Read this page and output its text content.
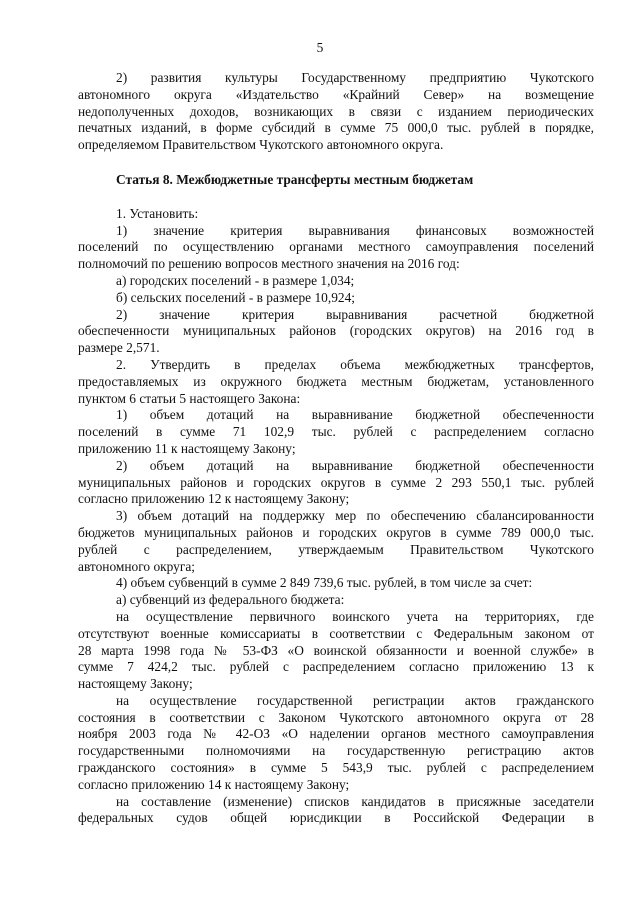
5
2) развития культуры Государственному предприятию Чукотского
автономного округа «Издательство «Крайний Север» на возмещение
недополученных доходов, возникающих в связи с изданием периодических
печатных изданий, в форме субсидий в сумме 75 000,0 тыс. рублей в порядке,
определяемом Правительством Чукотского автономного округа.
Статья 8. Межбюджетные трансферты местным бюджетам
1. Установить:
1) значение критерия выравнивания финансовых возможностей
поселений по осуществлению органами местного самоуправления поселений
полномочий по решению вопросов местного значения на 2016 год:
а) городских поселений - в размере 1,034;
б) сельских поселений - в размере 10,924;
2) значение критерия выравнивания расчетной бюджетной
обеспеченности муниципальных районов (городских округов) на 2016 год в
размере 2,571.
2. Утвердить в пределах объема межбюджетных трансфертов,
предоставляемых из окружного бюджета местным бюджетам, установленного
пунктом 6 статьи 5 настоящего Закона:
1) объем дотаций на выравнивание бюджетной обеспеченности
поселений в сумме 71 102,9 тыс. рублей с распределением согласно
приложению 11 к настоящему Закону;
2) объем дотаций на выравнивание бюджетной обеспеченности
муниципальных районов и городских округов в сумме 2 293 550,1 тыс. рублей
согласно приложению 12 к настоящему Закону;
3) объем дотаций на поддержку мер по обеспечению сбалансированности
бюджетов муниципальных районов и городских округов в сумме 789 000,0 тыс.
рублей с распределением, утверждаемым Правительством Чукотского
автономного округа;
4) объем субвенций в сумме 2 849 739,6 тыс. рублей, в том числе за счет:
а) субвенций из федерального бюджета:
на осуществление первичного воинского учета на территориях, где
отсутствуют военные комиссариаты в соответствии с Федеральным законом от
28 марта 1998 года № 53-ФЗ «О воинской обязанности и военной службе» в
сумме 7 424,2 тыс. рублей с распределением согласно приложению 13 к
настоящему Закону;
на осуществление государственной регистрации актов гражданского
состояния в соответствии с Законом Чукотского автономного округа от 28
ноября 2003 года № 42-ОЗ «О наделении органов местного самоуправления
государственными полномочиями на государственную регистрацию актов
гражданского состояния» в сумме 5 543,9 тыс. рублей с распределением
согласно приложению 14 к настоящему Закону;
на составление (изменение) списков кандидатов в присяжные заседатели
федеральных судов общей юрисдикции в Российской Федерации в
